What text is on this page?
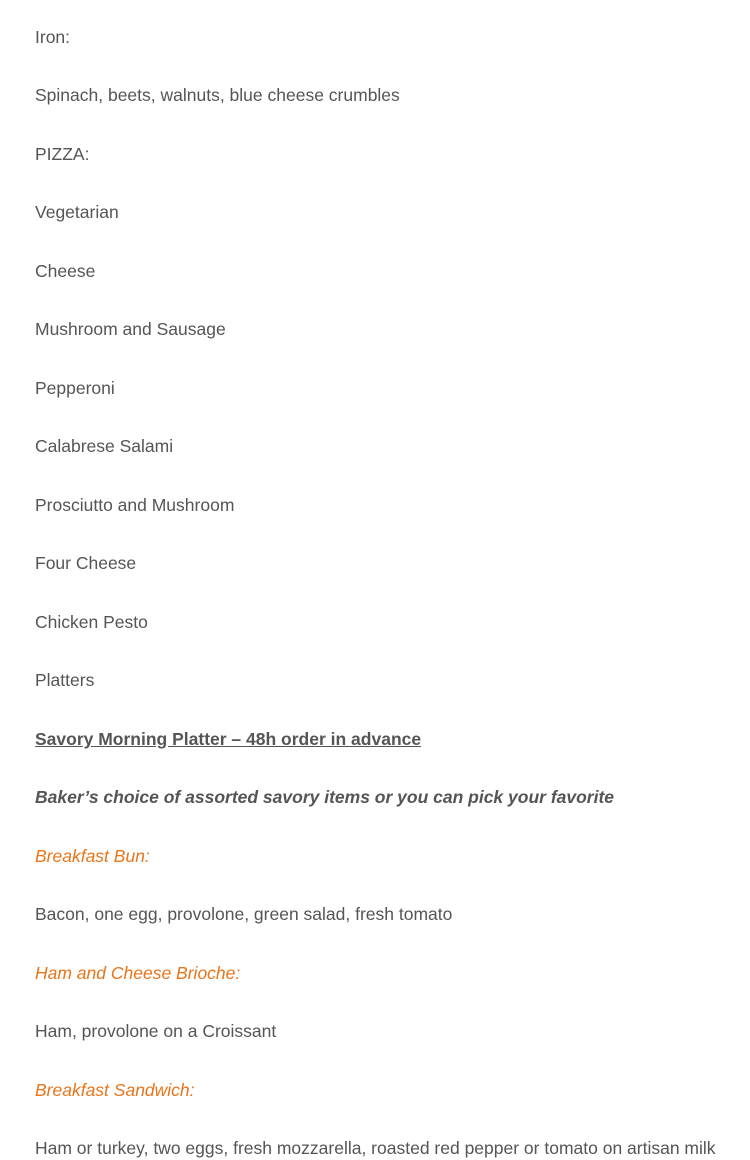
Iron:
Spinach, beets, walnuts, blue cheese crumbles
PIZZA:
Vegetarian
Cheese
Mushroom and Sausage
Pepperoni
Calabrese Salami
Prosciutto and Mushroom
Four Cheese
Chicken Pesto
Platters
Savory Morning Platter – 48h order in advance
Baker’s choice of assorted savory items or you can pick your favorite
Breakfast Bun:
Bacon, one egg, provolone, green salad, fresh tomato
Ham and Cheese Brioche:
Ham, provolone on a Croissant
Breakfast Sandwich:
Ham or turkey, two eggs, fresh mozzarella, roasted red pepper or tomato on artisan milk
